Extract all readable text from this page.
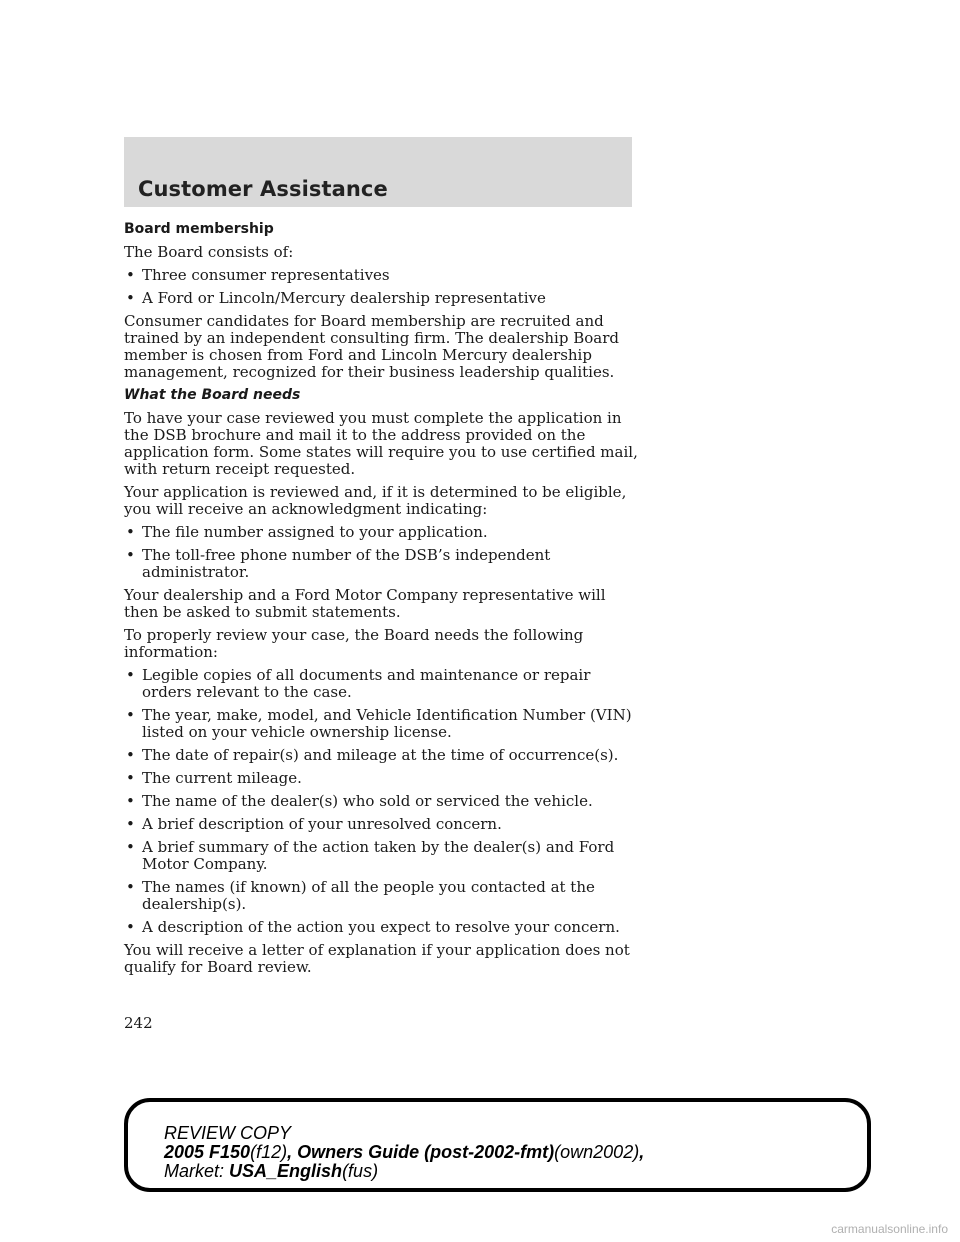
Customer Assistance
Board membership

The Board consists of:

• Three consumer representatives
• A Ford or Lincoln/Mercury dealership representative

Consumer candidates for Board membership are recruited and trained by an independent consulting firm. The dealership Board member is chosen from Ford and Lincoln Mercury dealership management, recognized for their business leadership qualities.

What the Board needs

To have your case reviewed you must complete the application in the DSB brochure and mail it to the address provided on the application form. Some states will require you to use certified mail, with return receipt requested.

Your application is reviewed and, if it is determined to be eligible, you will receive an acknowledgment indicating:

• The file number assigned to your application.
• The toll-free phone number of the DSB’s independent administrator.

Your dealership and a Ford Motor Company representative will then be asked to submit statements.

To properly review your case, the Board needs the following information:

• Legible copies of all documents and maintenance or repair orders relevant to the case.
• The year, make, model, and Vehicle Identification Number (VIN) listed on your vehicle ownership license.
• The date of repair(s) and mileage at the time of occurrence(s).
• The current mileage.
• The name of the dealer(s) who sold or serviced the vehicle.
• A brief description of your unresolved concern.
• A brief summary of the action taken by the dealer(s) and Ford Motor Company.
• The names (if known) of all the people you contacted at the dealership(s).
• A description of the action you expect to resolve your concern.

You will receive a letter of explanation if your application does not qualify for Board review.

242
REVIEW COPY
2005 F150(f12), Owners Guide (post-2002-fmt)(own2002),
Market: USA_English(fus)
carmanualsonline.info
